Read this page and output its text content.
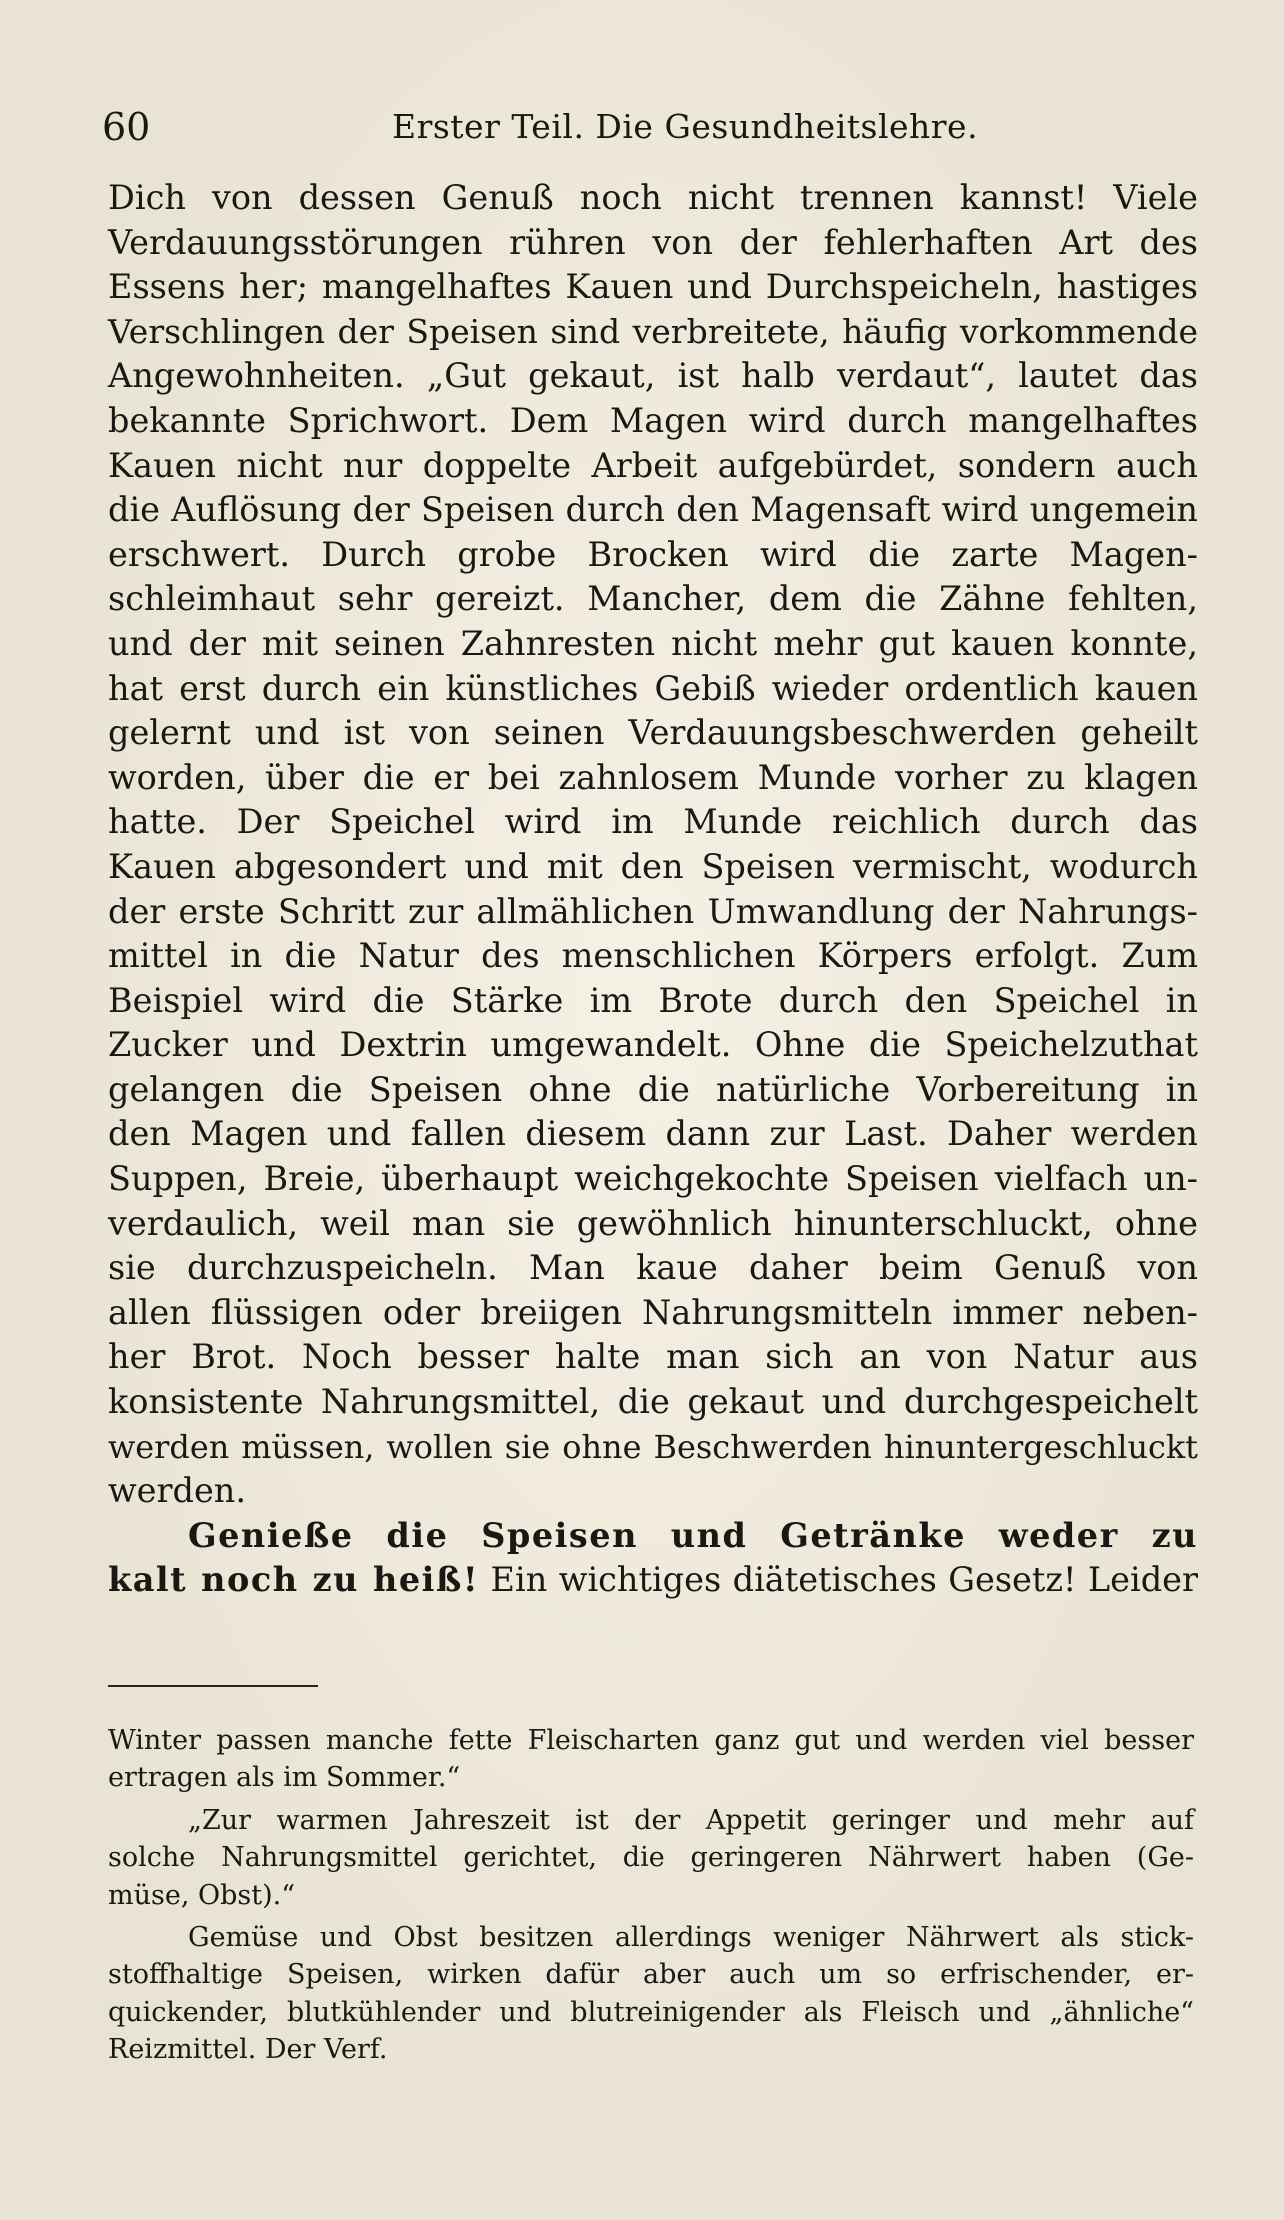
60	Erster Teil. Die Gesundheitslehre.
Dich von dessen Genuß noch nicht trennen kannst! Viele
Verdauungsstörungen rühren von der fehlerhaften Art des
Essens her; mangelhaftes Kauen und Durchspeicheln, hastiges
Verschlingen der Speisen sind verbreitete, häufig vorkommende
Angewohnheiten. „Gut gekaut, ist halb verdaut“, lautet das
bekannte Sprichwort. Dem Magen wird durch mangelhaftes
Kauen nicht nur doppelte Arbeit aufgebürdet, sondern auch
die Auflösung der Speisen durch den Magensaft wird ungemein
erschwert. Durch grobe Brocken wird die zarte Magen-
schleimhaut sehr gereizt. Mancher, dem die Zähne fehlten,
und der mit seinen Zahnresten nicht mehr gut kauen konnte,
hat erst durch ein künstliches Gebiß wieder ordentlich kauen
gelernt und ist von seinen Verdauungsbeschwerden geheilt
worden, über die er bei zahnlosem Munde vorher zu klagen
hatte. Der Speichel wird im Munde reichlich durch das
Kauen abgesondert und mit den Speisen vermischt, wodurch
der erste Schritt zur allmählichen Umwandlung der Nahrungs-
mittel in die Natur des menschlichen Körpers erfolgt. Zum
Beispiel wird die Stärke im Brote durch den Speichel in
Zucker und Dextrin umgewandelt. Ohne die Speichelzuthat
gelangen die Speisen ohne die natürliche Vorbereitung in
den Magen und fallen diesem dann zur Last. Daher werden
Suppen, Breie, überhaupt weichgekochte Speisen vielfach un-
verdaulich, weil man sie gewöhnlich hinunterschluckt, ohne
sie durchzuspeicheln. Man kaue daher beim Genuß von
allen flüssigen oder breiigen Nahrungsmitteln immer neben-
her Brot. Noch besser halte man sich an von Natur aus
konsistente Nahrungsmittel, die gekaut und durchgespeichelt
werden müssen, wollen sie ohne Beschwerden hinuntergeschluckt
werden.
Genieße die Speisen und Getränke weder zu
kalt noch zu heiß! Ein wichtiges diätetisches Gesetz! Leider
Winter passen manche fette Fleischarten ganz gut und werden viel besser
ertragen als im Sommer.“
„Zur warmen Jahreszeit ist der Appetit geringer und mehr auf
solche Nahrungsmittel gerichtet, die geringeren Nährwert haben (Ge-
müse, Obst).“
Gemüse und Obst besitzen allerdings weniger Nährwert als stick-
stoffhaltige Speisen, wirken dafür aber auch um so erfrischender, er-
quickender, blutkühlender und blutreinigender als Fleisch und „ähnliche“
Reizmittel. Der Verf.
